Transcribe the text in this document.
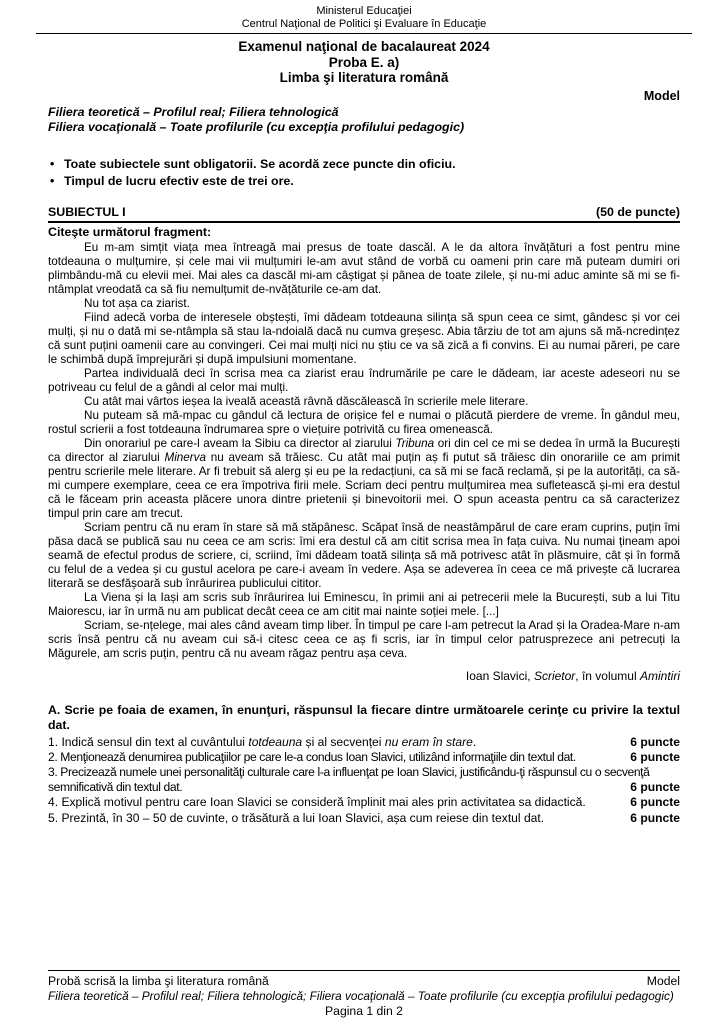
Ministerul Educaţiei
Centrul Naţional de Politici şi Evaluare în Educaţie
Examenul naţional de bacalaureat 2024
Proba E. a)
Limba şi literatura română
Model
Filiera teoretică – Profilul real; Filiera tehnologică
Filiera vocaţională – Toate profilurile (cu excepţia profilului pedagogic)
• Toate subiectele sunt obligatorii. Se acordă zece puncte din oficiu.
• Timpul de lucru efectiv este de trei ore.
SUBIECTUL I	(50 de puncte)
Citeşte următorul fragment:

Eu m-am simțit viața mea întreagă mai presus de toate dascăl. A le da altora învățături a fost pentru mine totdeauna o mulțumire, și cele mai vii mulțumiri le-am avut stând de vorbă cu oameni prin care mă puteam dumiri ori plimbându-mă cu elevii mei. Mai ales ca dascăl mi-am câștigat și pânea de toate zilele, și nu-mi aduc aminte să mi se fi-ntâmplat vreodată ca să fiu nemulțumit de-nvățăturile ce-am dat.

Nu tot așa ca ziarist.

Fiind adecă vorba de interesele obștești, îmi dădeam totdeauna silința să spun ceea ce simt, gândesc și vor cei mulți, și nu o dată mi se-ntâmpla să stau la-ndoială dacă nu cumva greșesc. Abia târziu de tot am ajuns să mă-ncredințez că sunt puțini oamenii care au convingeri. Cei mai mulți nici nu știu ce va să zică a fi convins. Ei au numai păreri, pe care le schimbă după împrejurări și după impulsiuni momentane.

Partea individuală deci în scrisa mea ca ziarist erau îndrumările pe care le dădeam, iar aceste adeseori nu se potriveau cu felul de a gândi al celor mai mulți.

Cu atât mai vârtos ieșea la iveală această râvnă dăscălească în scrierile mele literare.

Nu puteam să mă-mpac cu gândul că lectura de orișice fel e numai o plăcută pierdere de vreme. În gândul meu, rostul scrierii a fost totdeauna îndrumarea spre o viețuire potrivită cu firea omenească.

Din onorariul pe care-l aveam la Sibiu ca director al ziarului Tribuna ori din cel ce mi se dedea în urmă la București ca director al ziarului Minerva nu aveam să trăiesc. Cu atât mai puțin aș fi putut să trăiesc din onorariile ce am primit pentru scrierile mele literare. Ar fi trebuit să alerg și eu pe la redacțiuni, ca să mi se facă reclamă, și pe la autorități, ca să-mi cumpere exemplare, ceea ce era împotriva firii mele. Scriam deci pentru mulțumirea mea sufletească și-mi era destul că le făceam prin aceasta plăcere unora dintre prietenii și binevoitorii mei. O spun aceasta pentru ca să caracterizez timpul prin care am trecut.

Scriam pentru că nu eram în stare să mă stăpânesc. Scăpat însă de neastâmpărul de care eram cuprins, puțin îmi păsa dacă se publică sau nu ceea ce am scris: îmi era destul că am citit scrisa mea în fața cuiva. Nu numai țineam apoi seamă de efectul produs de scriere, ci, scriind, îmi dădeam toată silința să mă potrivesc atât în plăsmuire, cât și în formă cu felul de a vedea și cu gustul acelora pe care-i aveam în vedere. Așa se adeverea în ceea ce mă privește că lucrarea literară se desfășoară sub înrâurirea publicului cititor.

La Viena și la Iași am scris sub înrâurirea lui Eminescu, în primii ani ai petrecerii mele la București, sub a lui Titu Maiorescu, iar în urmă nu am publicat decât ceea ce am citit mai nainte soției mele. [...]

Scriam, se-nțelege, mai ales când aveam timp liber. În timpul pe care l-am petrecut la Arad și la Oradea-Mare n-am scris însă pentru că nu aveam cui să-i citesc ceea ce aș fi scris, iar în timpul celor patrusprezece ani petrecuți la Măgurele, am scris puțin, pentru că nu aveam răgaz pentru așa ceva.

Ioan Slavici, Scrietor, în volumul Amintiri

A. Scrie pe foaia de examen, în enunţuri, răspunsul la fiecare dintre următoarele cerinţe cu privire la textul dat.

1. Indică sensul din text al cuvântului totdeauna și al secvenței nu eram în stare.	6 puncte
2. Menţionează denumirea publicaţiilor pe care le-a condus Ioan Slavici, utilizând informaţiile din textul dat.	6 puncte
3. Precizează numele unei personalităţi culturale care l-a influenţat pe Ioan Slavici, justificându-ţi răspunsul cu o secvenţă semnificativă din textul dat.	6 puncte
4. Explică motivul pentru care Ioan Slavici se consideră împlinit mai ales prin activitatea sa didactică.	6 puncte
5. Prezintă, în 30 – 50 de cuvinte, o trăsătură a lui Ioan Slavici, așa cum reiese din textul dat.	6 puncte
Probă scrisă la limba şi literatura română	Model
Filiera teoretică – Profilul real; Filiera tehnologică; Filiera vocaţională – Toate profilurile (cu excepţia profilului pedagogic)
Pagina 1 din 2
